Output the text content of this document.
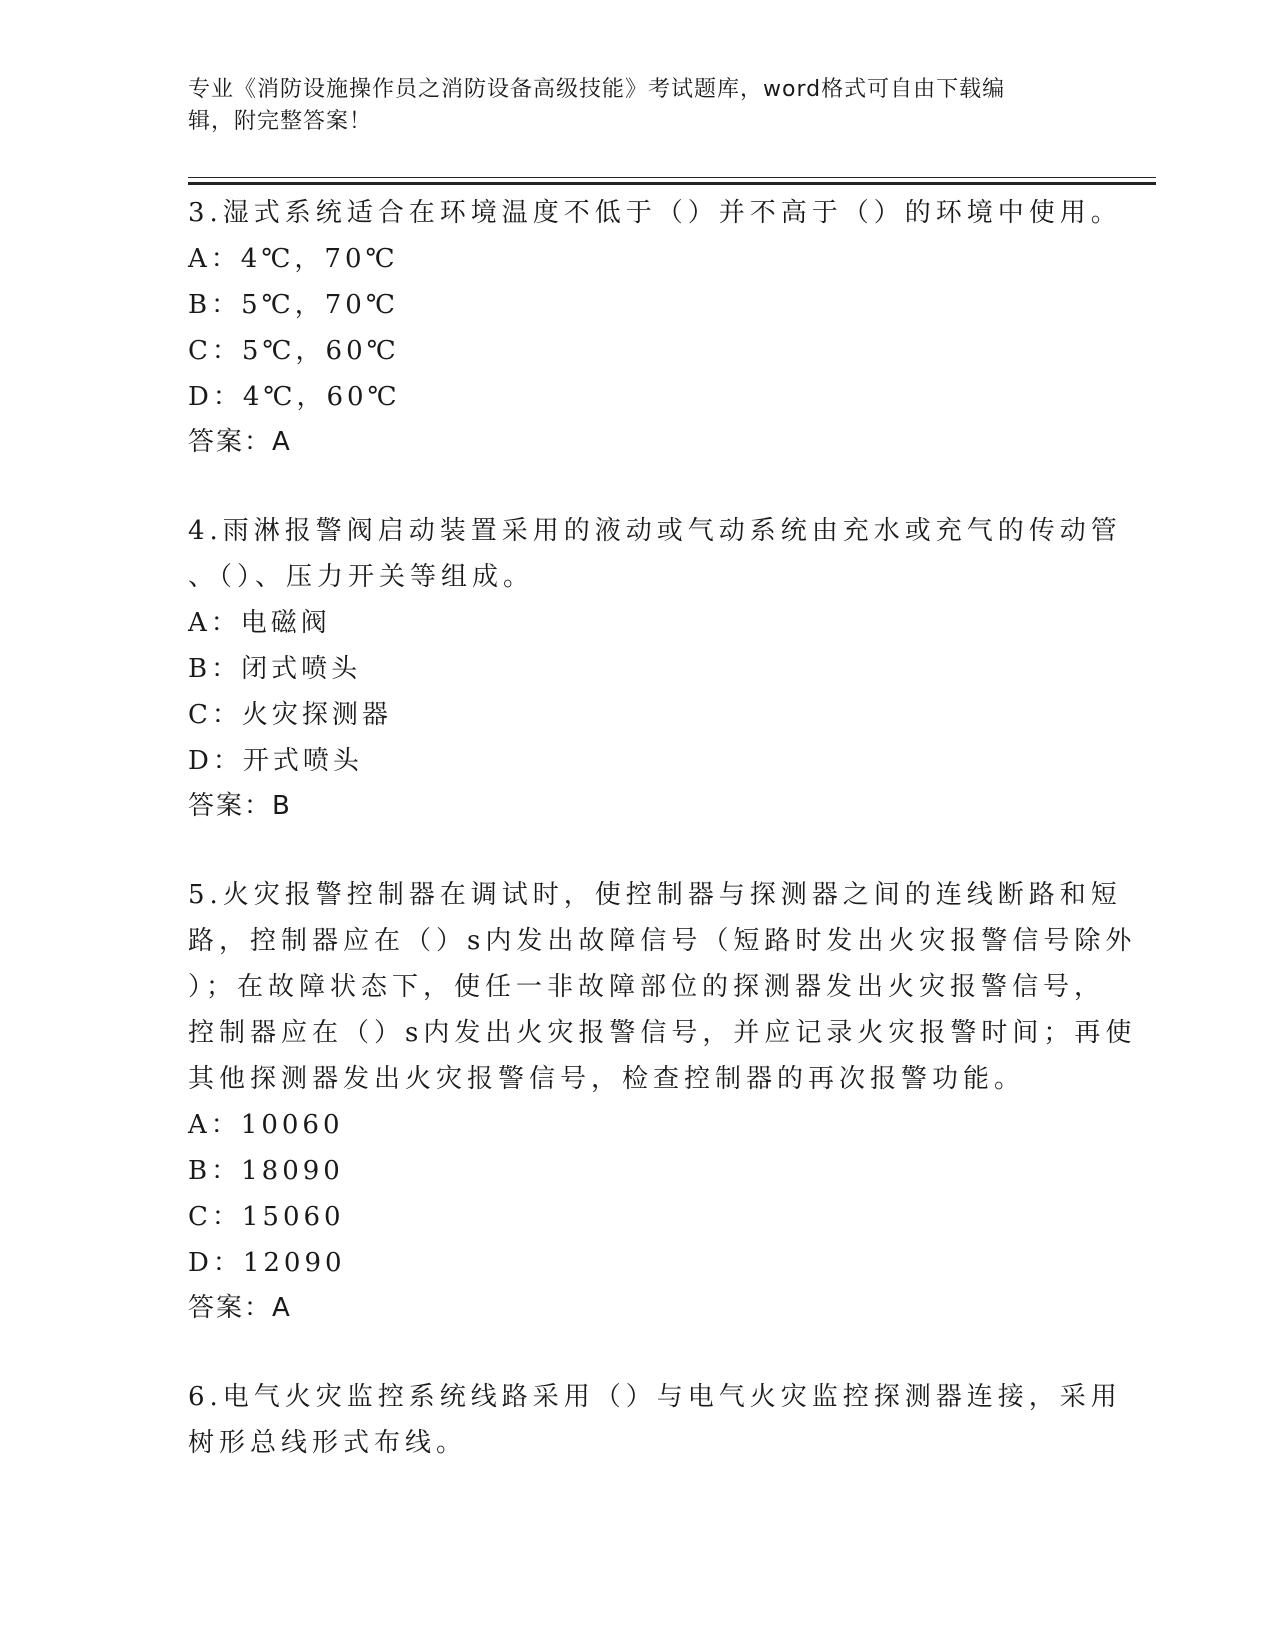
专业《消防设施操作员之消防设备高级技能》考试题库，word格式可自由下载编
辑，附完整答案！
3.湿式系统适合在环境温度不低于（）并不高于（）的环境中使用。
A：4℃，70℃
B：5℃，70℃
C：5℃，60℃
D：4℃，60℃
答案：A
4.雨淋报警阀启动装置采用的液动或气动系统由充水或充气的传动管
、（）、压力开关等组成。
A：电磁阀
B：闭式喷头
C：火灾探测器
D：开式喷头
答案：B
5.火灾报警控制器在调试时，使控制器与探测器之间的连线断路和短
路，控制器应在（）s内发出故障信号（短路时发出火灾报警信号除外
）；在故障状态下，使任一非故障部位的探测器发出火灾报警信号，
控制器应在（）s内发出火灾报警信号，并应记录火灾报警时间；再使
其他探测器发出火灾报警信号，检查控制器的再次报警功能。
A：10060
B：18090
C：15060
D：12090
答案：A
6.电气火灾监控系统线路采用（）与电气火灾监控探测器连接，采用
树形总线形式布线。
